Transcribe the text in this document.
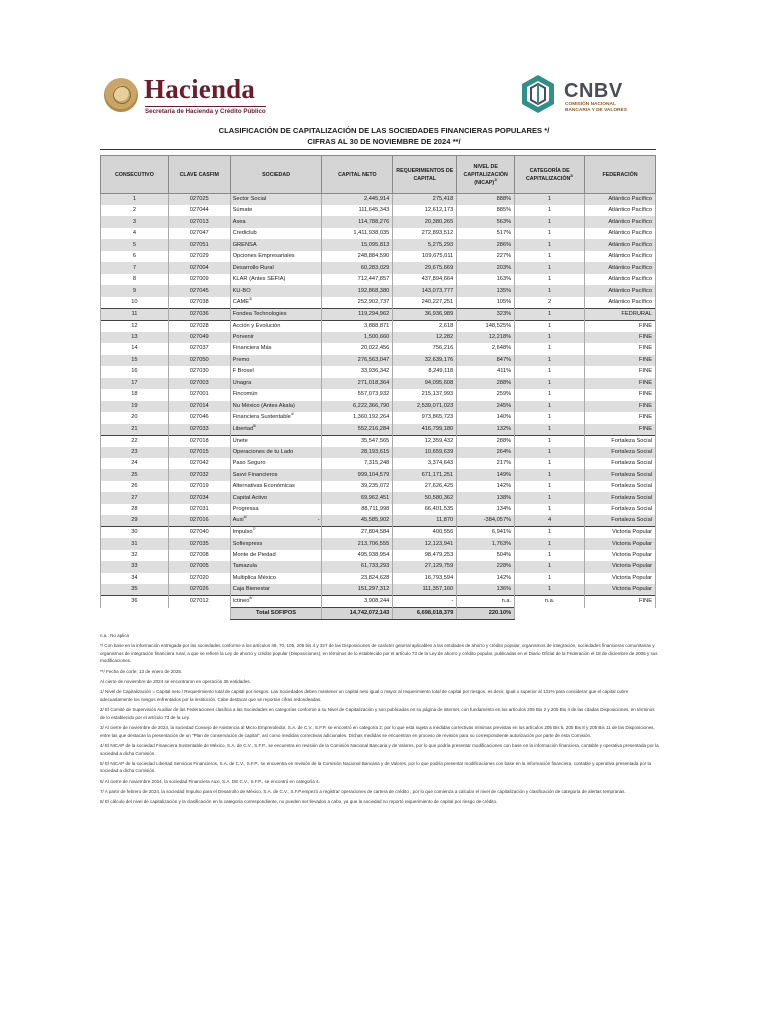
Hacienda
Secretaría de Hacienda y Crédito Público
CNBV
COMISIÓN NACIONAL
BANCARIA Y DE VALORES
CLASIFICACIÓN DE CAPITALIZACIÓN DE LAS SOCIEDADES FINANCIERAS POPULARES */
CIFRAS AL 30 DE NOVIEMBRE DE 2024 **/
CONSECUTIVO	CLAVE CASFIM	SOCIEDAD	CAPITAL NETO	REQUERIMIENTOS DE CAPITAL	NIVEL DE CAPITALIZACIÓN (NICAP)$^{1/}$	CATEGORÍA DE $CAPITALIZACIÓN^{2/}$	FEDERACIÓN
1	027025	Sector Social	2,445,914	275,418	888%	1	Atlántico Pacífico
2	027044	Súmate	111,645,343	12,612,173	885%	1	Atlántico Pacífico
3	027013	Asea	114,788,276	20,380,265	563%	1	Atlántico Pacífico
4	027047	Crediclub	1,411,938,035	272,893,512	517%	1	Atlántico Pacífico
5	027051	GRENSA	15,095,813	5,275,293	286%	1	Atlántico Pacífico
6	027029	Opciones Empresariales	248,884,590	109,675,011	227%	1	Atlántico Pacífico
7	027004	Desarrollo Rural	60,283,029	29,675,669	203%	1	Atlántico Pacífico
8	027009	KLAR (Antes SEFIA)	712,447,857	437,894,664	163%	1	Atlántico Pacífico
9	027045	KU-BO	192,868,380	143,073,777	135%	1	Atlántico Pacífico
10	027038	$CAME^{3/}$	252,902,737	240,227,251	105%	2	Atlántico Pacífico
11	027036	Fondea Technologies	119,294,962	36,936,989	323%	1	FEDRURAL
12	027028	Acción y Evolución	3,888,871	2,618	148,525%	1	FINE
13	027049	Porvenir	1,500,660	12,282	12,218%	1	FINE
14	027037	Financiera Más	20,022,456	756,216	2,648%	1	FINE
15	027050	Premo	276,563,047	32,639,176	847%	1	FINE
16	027030	F Broxel	33,936,342	8,249,118	411%	1	FINE
17	027003	Unagra	271,018,364	94,095,608	288%	1	FINE
18	027001	Fincomún	557,073,932	215,137,993	259%	1	FINE
19	027014	Nu México (Antes Akala)	6,222,366,790	2,539,071,023	245%	1	FINE
20	027046	Financiera Sustentable$^{4/}$	1,360,192,264	973,865,723	140%	1	FINE
21	027033	Libertad$^{5/}$	552,216,284	416,799,180	132%	1	FINE
22	027018	Unete	35,547,565	12,359,432	288%	1	Fortaleza Social
23	027015	Operaciones de tu Lado	28,193,615	10,659,639	264%	1	Fortaleza Social
24	027042	Paso Seguro	7,315,248	3,374,643	217%	1	Fortaleza Social
25	027032	Savvi Financieros	999,104,579	671,171,251	149%	1	Fortaleza Social
26	027019	Alternativas Económicas	39,235,072	27,626,425	142%	1	Fortaleza Social
27	027034	Capital Activo	69,962,451	50,580,362	138%	1	Fortaleza Social
28	027031	Progressa	88,711,998	66,401,535	134%	1	Fortaleza Social
29	027016	Auxi$^{6/}$ -	45,585,902	11,870	-384,057%	4	Fortaleza Social
30	027040	Impulso$^{7/}$	27,804,584	400,556	6,941%	1	Victoria Popular
31	027035	Sofiexpress	213,706,555	12,123,941	1,763%	1	Victoria Popular
32	027008	Monte de Piedad	495,938,954	98,479,253	504%	1	Victoria Popular
33	027005	Tamazula	61,733,293	27,129,759	228%	1	Victoria Popular
34	027020	Multiplica México	23,824,628	16,793,594	142%	1	Victoria Popular
35	027026	Caja Bienestar	151,297,312	111,357,160	136%	1	Victoria Popular
36	027012	Ictineo$^{8/}$	3,908,244	-	n.a.	n.a.	FINE
		Total SOFIPOS	14,742,072,143	6,698,018,379	220.10%		

n.a.: No aplica

*/ Con base en la información entregada por las sociedades conforme a los artículos 48, 70, 105, 205 bis 4 y 327 de las Disposiciones de carácter general aplicables a las entidades de ahorro y crédito popular, organismos de integración, sociedades financieras comunitarias y organismos de integración financiera rural, a que se refiere la Ley de ahorro y crédito popular (Disposiciones), en términos de lo establecido por el artículo 73 de la Ley de ahorro y crédito popular, publicadas en el Diario Oficial de la Federación el 18 de diciembre de 2006 y sus modificaciones.

**/ Fecha de corte: 13 de enero de 2025.

Al cierre de noviembre de 2024 se encontraron en operación 36 entidades.

1/ Nivel de Capitalización = Capital neto / Requerimiento total de capital por riesgos. Las Sociedades deben mantener un capital neto igual o mayor al requerimiento total de capital por riesgos, es decir, igual o superior al 131% para considerar que el capital cubre adecuadamente los riesgos enfrentados por la institución. Cabe destacar que se reportan cifras redondeadas.

2/ El Comité de Supervisión Auxiliar de las Federaciones clasifica a las Sociedades en categorías conforme a su Nivel de Capitalización y son publicadas en su página de internet, con fundamento en los artículos 205 Bis 2 y 205 Bis 4 de las citadas Disposiciones, en términos de lo establecido por el artículo 73 de la Ley.

3/ Al cierre de noviembre de 2024, la sociedad Consejo de Asistencia al Micro Emprendedor, S.A. de C.V., S.F.P. se encontró en categoría 2; por lo que está sujeta a medidas correctivas mínimas previstas en los artículos 205 Bis 5, 205 Bis 8 y 205 Bis 11 de las Disposiciones, entre las que destacan la presentación de un "Plan de conservación de capital", así como medidas correctivas adicionales. Dichas medidas se encuentran en proceso de revisión para su correspondiente autorización por parte de esta Comisión.

4/ El NICAP de la sociedad Financiera Sustentable de México, S.A. de C.V., S.F.P., se encuentra en revisión de la Comisión Nacional Bancaria y de Valores, por lo que podría presentar modificaciones con base en la información financiera, contable y operativa presentada por la sociedad a dicha Comisión.

5/ El NICAP de la sociedad Libertad Servicios Financieros, S.A. de C.V., S.F.P., se encuentra en revisión de la Comisión Nacional Bancaria y de Valores, por lo que podría presentar modificaciones con base en la información financiera, contable y operativa presentada por la sociedad a dicha Comisión.

6/ Al cierre de noviembre 2024, la sociedad Financiera Auxi, S.A. DE C.V., S.F.P., se encontró en categoría 4.

7/ A partir de febrero de 2024, la sociedad Impulso para el Desarrollo de México, S.A. de C.V., S.F.P.empezó a registrar operaciones de cartera de crédito , por lo que comienza a calcular el nivel de capitalización y clasificación de categoría de alertas tempranas.

8/ El cálculo del nivel de capitalización y la clasificación en la categoría correspondiente, no pueden ser llevados a cabo, ya que la sociedad no reportó requerimiento de capital por riesgo de crédito.
